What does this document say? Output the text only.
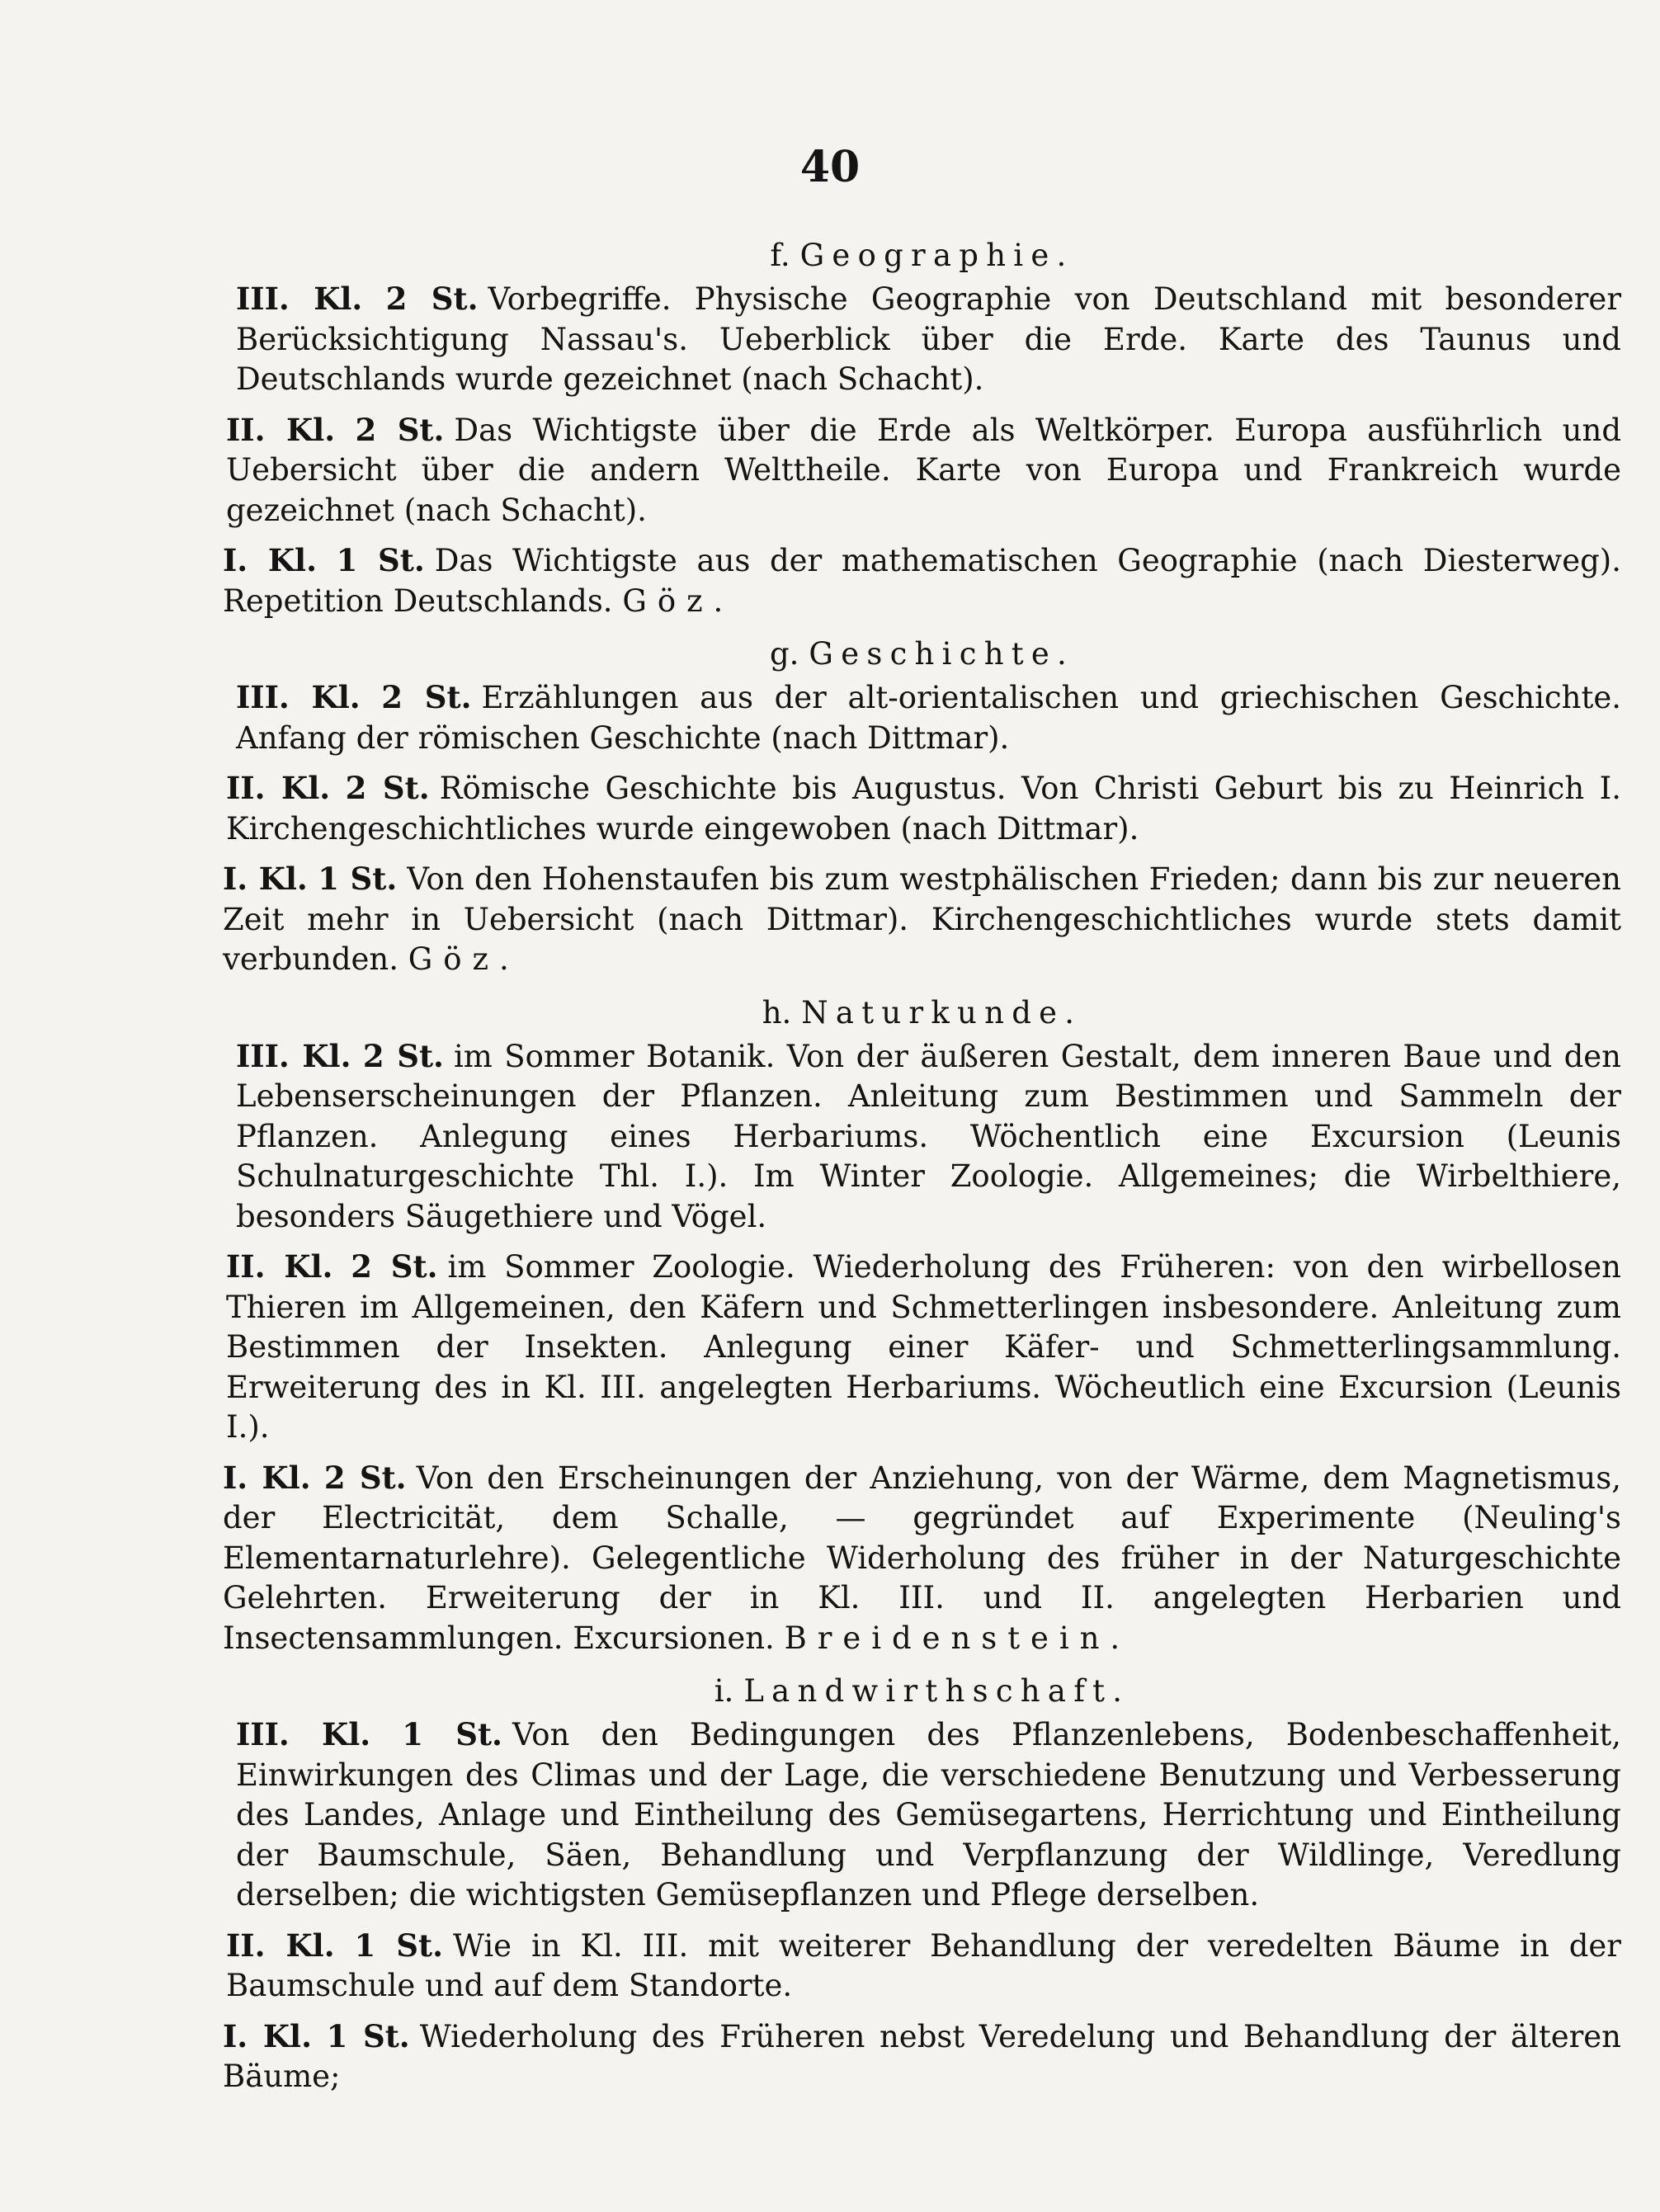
40
f. Geographie.

III. Kl. 2 St. Vorbegriffe. Physische Geographie von Deutschland mit besonderer Berücksichtigung Nassau's. Ueberblick über die Erde. Karte des Taunus und Deutschlands wurde gezeichnet (nach Schacht).

II. Kl. 2 St. Das Wichtigste über die Erde als Weltkörper. Europa ausführlich und Uebersicht über die andern Welttheile. Karte von Europa und Frankreich wurde gezeichnet (nach Schacht).

I. Kl. 1 St. Das Wichtigste aus der mathematischen Geographie (nach Diesterweg). Repetition Deutschlands. Göz.

g. Geschichte.

III. Kl. 2 St. Erzählungen aus der alt-orientalischen und griechischen Geschichte. Anfang der römischen Geschichte (nach Dittmar).

II. Kl. 2 St. Römische Geschichte bis Augustus. Von Christi Geburt bis zu Heinrich I. Kirchengeschichtliches wurde eingewoben (nach Dittmar).

I. Kl. 1 St. Von den Hohenstaufen bis zum westphälischen Frieden; dann bis zur neueren Zeit mehr in Uebersicht (nach Dittmar). Kirchengeschichtliches wurde stets damit verbunden. Göz.

h. Naturkunde.

III. Kl. 2 St. im Sommer Botanik. Von der äußeren Gestalt, dem inneren Baue und den Lebenserscheinungen der Pflanzen. Anleitung zum Bestimmen und Sammeln der Pflanzen. Anlegung eines Herbariums. Wöchentlich eine Excursion (Leunis Schulnaturgeschichte Thl. I.). Im Winter Zoologie. Allgemeines; die Wirbelthiere, besonders Säugethiere und Vögel.

II. Kl. 2 St. im Sommer Zoologie. Wiederholung des Früheren: von den wirbellosen Thieren im Allgemeinen, den Käfern und Schmetterlingen insbesondere. Anleitung zum Bestimmen der Insekten. Anlegung einer Käfer- und Schmetterlingsammlung. Erweiterung des in Kl. III. angelegten Herbariums. Wöcheutlich eine Excursion (Leunis I.).

I. Kl. 2 St. Von den Erscheinungen der Anziehung, von der Wärme, dem Magnetismus, der Electricität, dem Schalle, — gegründet auf Experimente (Neuling's Elementarnaturlehre). Gelegentliche Widerholung des früher in der Naturgeschichte Gelehrten. Erweiterung der in Kl. III. und II. angelegten Herbarien und Insectensammlungen. Excursionen. Breidenstein.

i. Landwirthschaft.

III. Kl. 1 St. Von den Bedingungen des Pflanzenlebens, Bodenbeschaffenheit, Einwirkungen des Climas und der Lage, die verschiedene Benutzung und Verbesserung des Landes, Anlage und Eintheilung des Gemüsegartens, Herrichtung und Eintheilung der Baumschule, Säen, Behandlung und Verpflanzung der Wildlinge, Veredlung derselben; die wichtigsten Gemüsepflanzen und Pflege derselben.

II. Kl. 1 St. Wie in Kl. III. mit weiterer Behandlung der veredelten Bäume in der Baumschule und auf dem Standorte.

I. Kl. 1 St. Wiederholung des Früheren nebst Veredelung und Behandlung der älteren Bäume;
